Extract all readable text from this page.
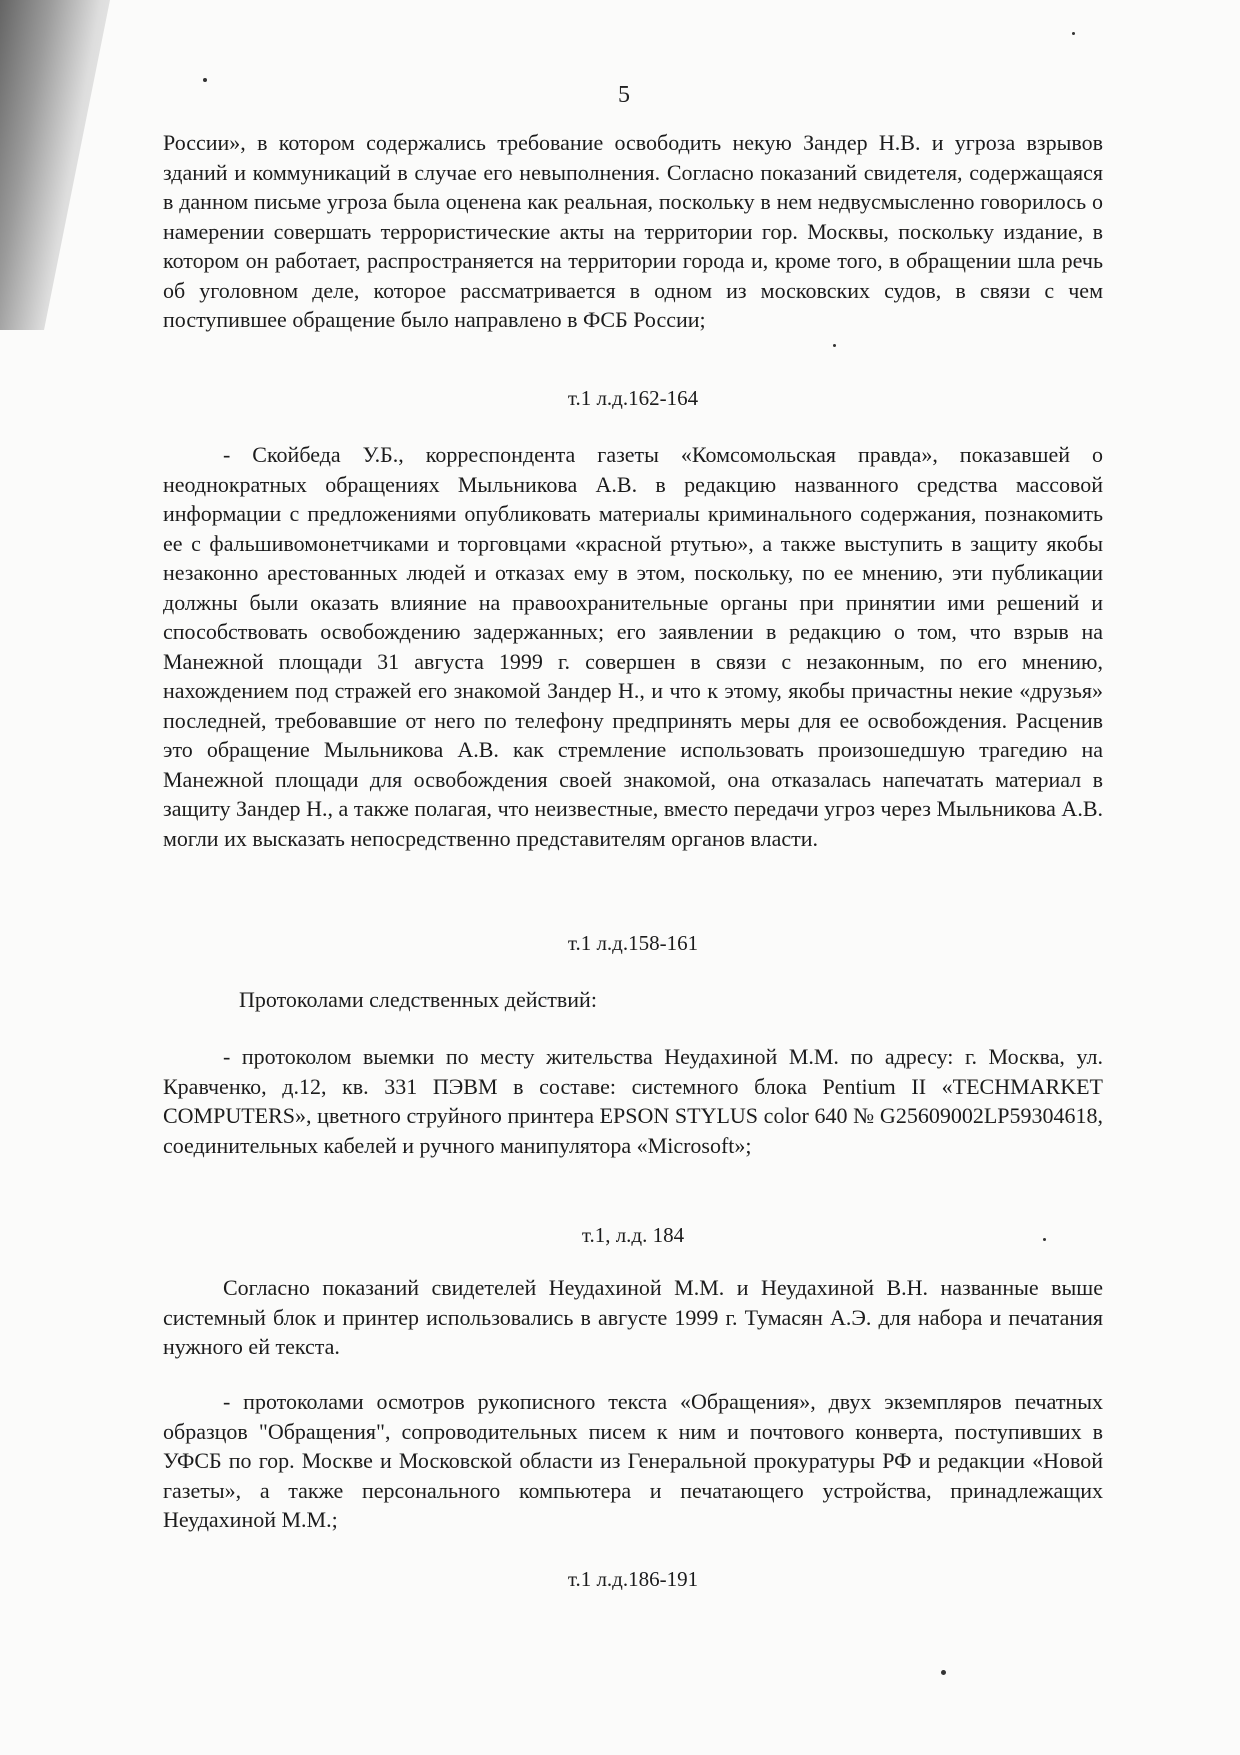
5

России», в котором содержались требование освободить некую Зандер Н.В. и угроза взрывов зданий и коммуникаций в случае его невыполнения. Согласно показаний свидетеля, содержащаяся в данном письме угроза была оценена как реальная, поскольку в нем недвусмысленно говорилось о намерении совершать террористические акты на территории гор. Москвы, поскольку издание, в котором он работает, распространяется на территории города и, кроме того, в обращении шла речь об уголовном деле, которое рассматривается в одном из московских судов, в связи с чем поступившее обращение было направлено в ФСБ России;

т.1 л.д.162-164

- Скойбеда У.Б., корреспондента газеты «Комсомольская правда», показавшей о неоднократных обращениях Мыльникова А.В. в редакцию названного средства массовой информации с предложениями опубликовать материалы криминального содержания, познакомить ее с фальшивомонетчиками и торговцами «красной ртутью», а также выступить в защиту якобы незаконно арестованных людей и отказах ему в этом, поскольку, по ее мнению, эти публикации должны были оказать влияние на правоохранительные органы при принятии ими решений и способствовать освобождению задержанных; его заявлении в редакцию о том, что взрыв на Манежной площади 31 августа 1999 г. совершен в связи с незаконным, по его мнению, нахождением под стражей его знакомой Зандер Н., и что к этому, якобы причастны некие «друзья» последней, требовавшие от него по телефону предпринять меры для ее освобождения. Расценив это обращение Мыльникова А.В. как стремление использовать произошедшую трагедию на Манежной площади для освобождения своей знакомой, она отказалась напечатать материал в защиту Зандер Н., а также полагая, что неизвестные, вместо передачи угроз через Мыльникова А.В. могли их высказать непосредственно представителям органов власти.

т.1 л.д.158-161
Протоколами следственных действий:

- протоколом выемки по месту жительства Неудахиной М.М. по адресу: г. Москва, ул. Кравченко, д.12, кв. 331 ПЭВМ в составе: системного блока Pentium II «TECHMARKET COMPUTERS», цветного струйного принтера EPSON STYLUS color 640 № G25609002LP59304618, соединительных кабелей и ручного манипулятора «Microsoft»;

т.1, л.д. 184

Согласно показаний свидетелей Неудахиной М.М. и Неудахиной В.Н. названные выше системный блок и принтер использовались в августе 1999 г. Тумасян А.Э. для набора и печатания нужного ей текста.

- протоколами осмотров рукописного текста «Обращения», двух экземпляров печатных образцов "Обращения", сопроводительных писем к ним и почтового конверта, поступивших в УФСБ по гор. Москве и Московской области из Генеральной прокуратуры РФ и редакции «Новой газеты», а также персонального компьютера и печатающего устройства, принадлежащих Неудахиной М.М.;

т.1 л.д.186-191
